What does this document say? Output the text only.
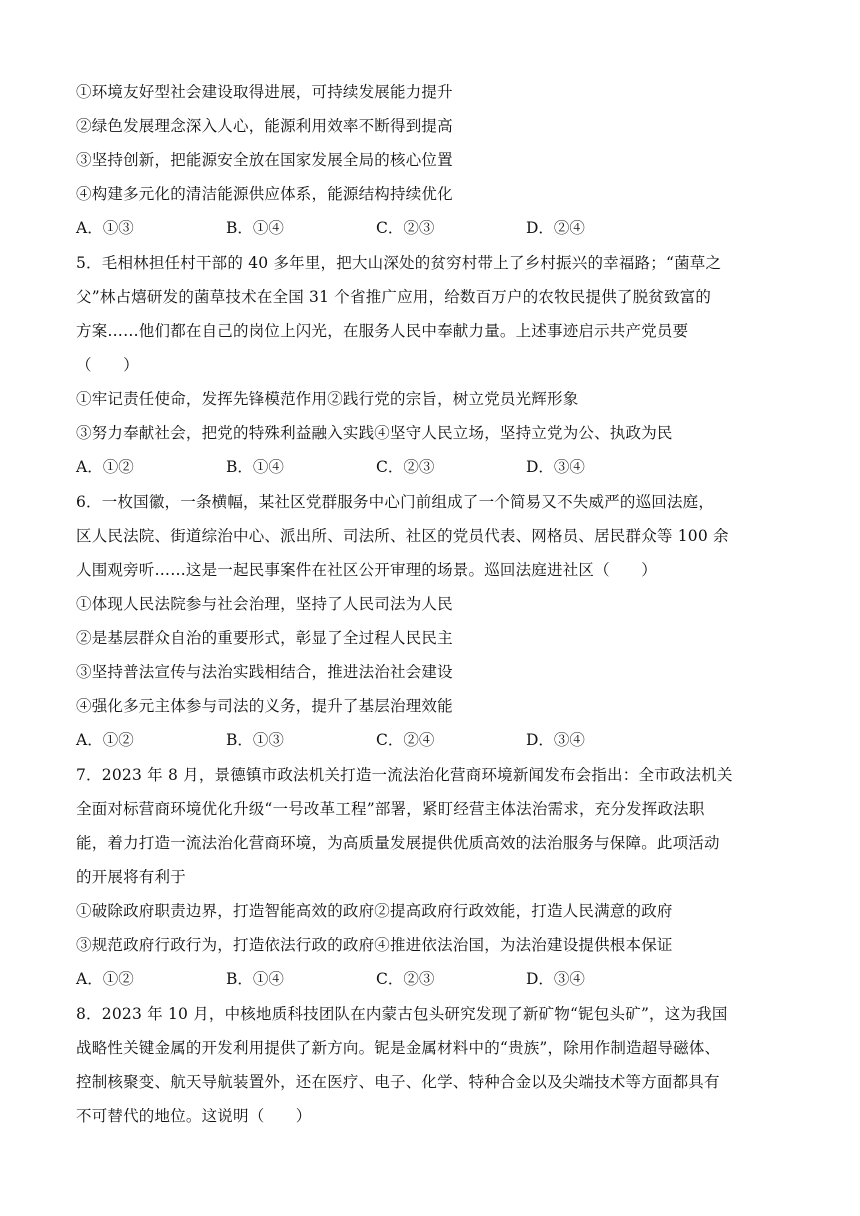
①环境友好型社会建设取得进展，可持续发展能力提升
②绿色发展理念深入人心，能源利用效率不断得到提高
③坚持创新，把能源安全放在国家发展全局的核心位置
④构建多元化的清洁能源供应体系，能源结构持续优化
A．①③	B．①④	C．②③	D．②④
5．毛相林担任村干部的 40 多年里，把大山深处的贫穷村带上了乡村振兴的幸福路；“菌草之
父”林占熺研发的菌草技术在全国 31 个省推广应用，给数百万户的农牧民提供了脱贫致富的
方案……他们都在自己的岗位上闪光，在服务人民中奉献力量。上述事迹启示共产党员要
（　　）
①牢记责任使命，发挥先锋模范作用②践行党的宗旨，树立党员光辉形象
③努力奉献社会，把党的特殊利益融入实践④坚守人民立场，坚持立党为公、执政为民
A．①②	B．①④	C．②③	D．③④
6．一枚国徽，一条横幅，某社区党群服务中心门前组成了一个简易又不失威严的巡回法庭，
区人民法院、街道综治中心、派出所、司法所、社区的党员代表、网格员、居民群众等 100 余
人围观旁听……这是一起民事案件在社区公开审理的场景。巡回法庭进社区（　　）
①体现人民法院参与社会治理，坚持了人民司法为人民
②是基层群众自治的重要形式，彰显了全过程人民民主
③坚持普法宣传与法治实践相结合，推进法治社会建设
④强化多元主体参与司法的义务，提升了基层治理效能
A．①②	B．①③	C．②④	D．③④
7．2023 年 8 月，景德镇市政法机关打造一流法治化营商环境新闻发布会指出：全市政法机关
全面对标营商环境优化升级“一号改革工程”部署，紧盯经营主体法治需求，充分发挥政法职
能，着力打造一流法治化营商环境，为高质量发展提供优质高效的法治服务与保障。此项活动
的开展将有利于
①破除政府职责边界，打造智能高效的政府②提高政府行政效能，打造人民满意的政府
③规范政府行政行为，打造依法行政的政府④推进依法治国，为法治建设提供根本保证
A．①②	B．①④	C．②③	D．③④
8．2023 年 10 月，中核地质科技团队在内蒙古包头研究发现了新矿物“铌包头矿”，这为我国
战略性关键金属的开发利用提供了新方向。铌是金属材料中的“贵族”，除用作制造超导磁体、
控制核聚变、航天导航装置外，还在医疗、电子、化学、特种合金以及尖端技术等方面都具有
不可替代的地位。这说明（　　）
